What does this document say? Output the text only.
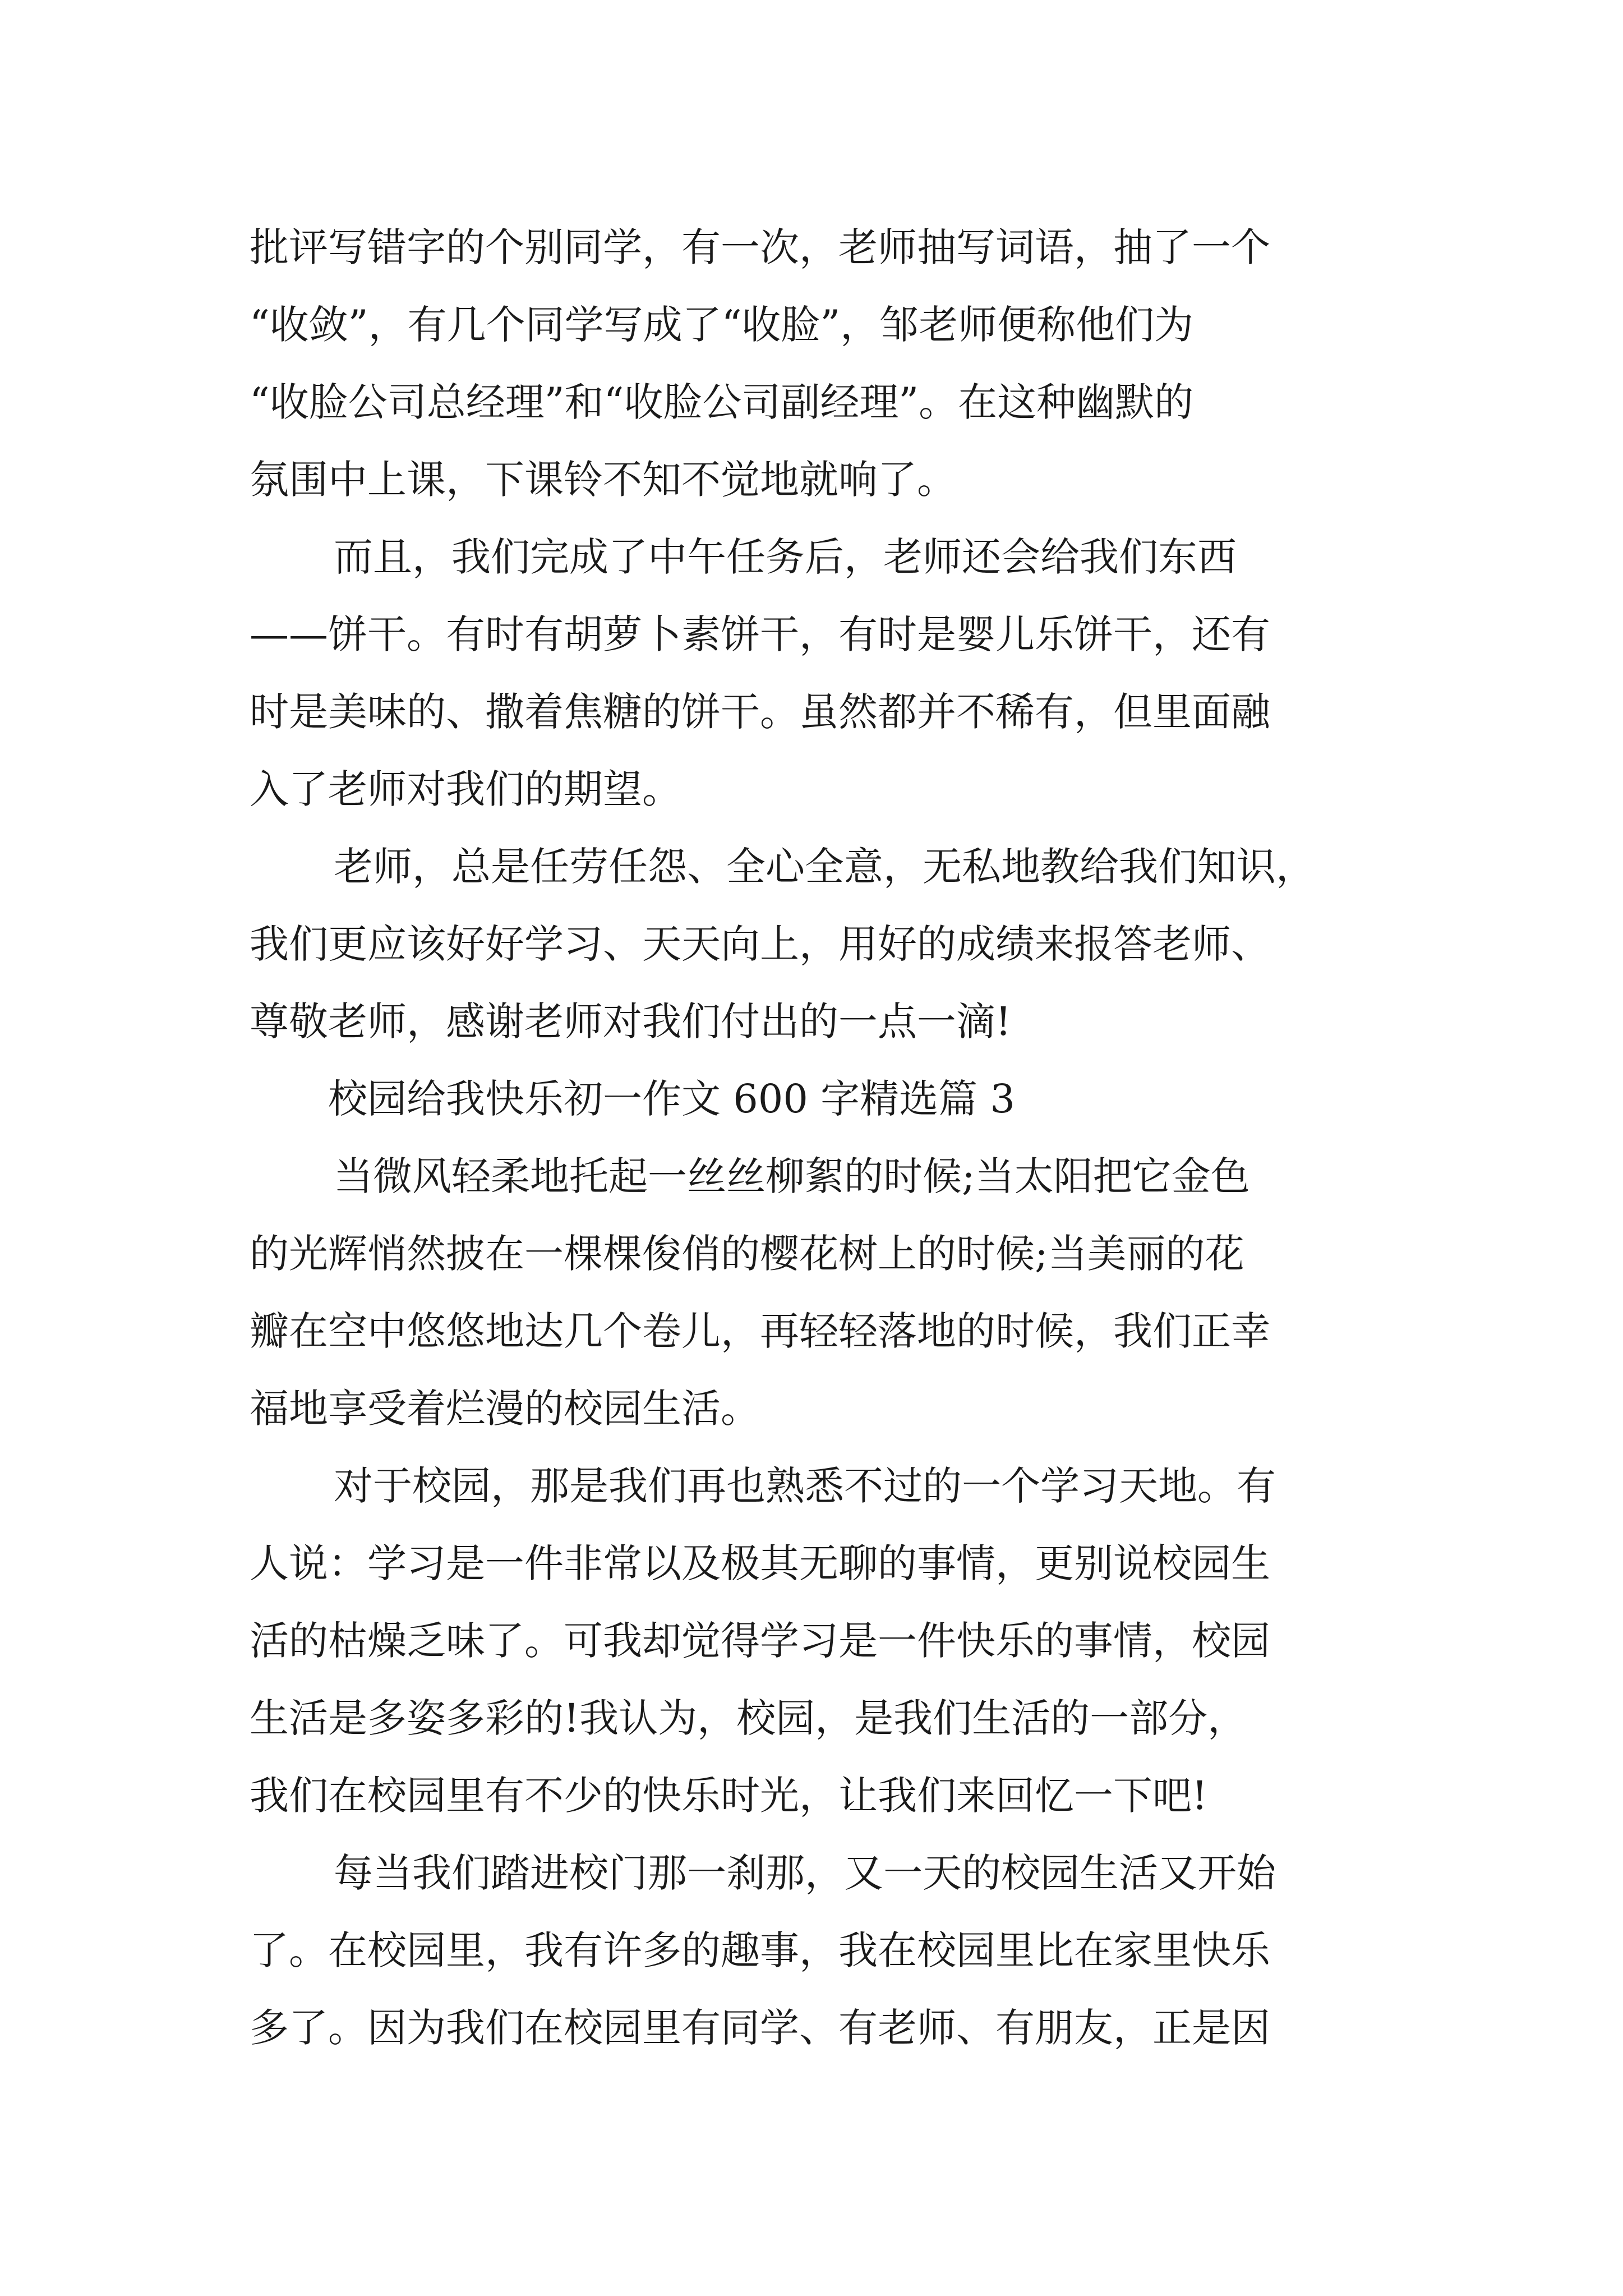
批评写错字的个别同学，有一次，老师抽写词语，抽了一个
“收敛”，有几个同学写成了“收脸”，邹老师便称他们为
“收脸公司总经理”和“收脸公司副经理”。在这种幽默的
氛围中上课，下课铃不知不觉地就响了。
而且，我们完成了中午任务后，老师还会给我们东西
——饼干。有时有胡萝卜素饼干，有时是婴儿乐饼干，还有
时是美味的、撒着焦糖的饼干。虽然都并不稀有，但里面融
入了老师对我们的期望。
老师，总是任劳任怨、全心全意，无私地教给我们知识，
我们更应该好好学习、天天向上，用好的成绩来报答老师、
尊敬老师，感谢老师对我们付出的一点一滴!
校园给我快乐初一作文 600 字精选篇 3
当微风轻柔地托起一丝丝柳絮的时候;当太阳把它金色
的光辉悄然披在一棵棵俊俏的樱花树上的时候;当美丽的花
瓣在空中悠悠地达几个卷儿，再轻轻落地的时候，我们正幸
福地享受着烂漫的校园生活。
对于校园，那是我们再也熟悉不过的一个学习天地。有
人说：学习是一件非常以及极其无聊的事情，更别说校园生
活的枯燥乏味了。可我却觉得学习是一件快乐的事情，校园
生活是多姿多彩的!我认为，校园，是我们生活的一部分，
我们在校园里有不少的快乐时光，让我们来回忆一下吧!
每当我们踏进校门那一刹那，又一天的校园生活又开始
了。在校园里，我有许多的趣事，我在校园里比在家里快乐
多了。因为我们在校园里有同学、有老师、有朋友，正是因
